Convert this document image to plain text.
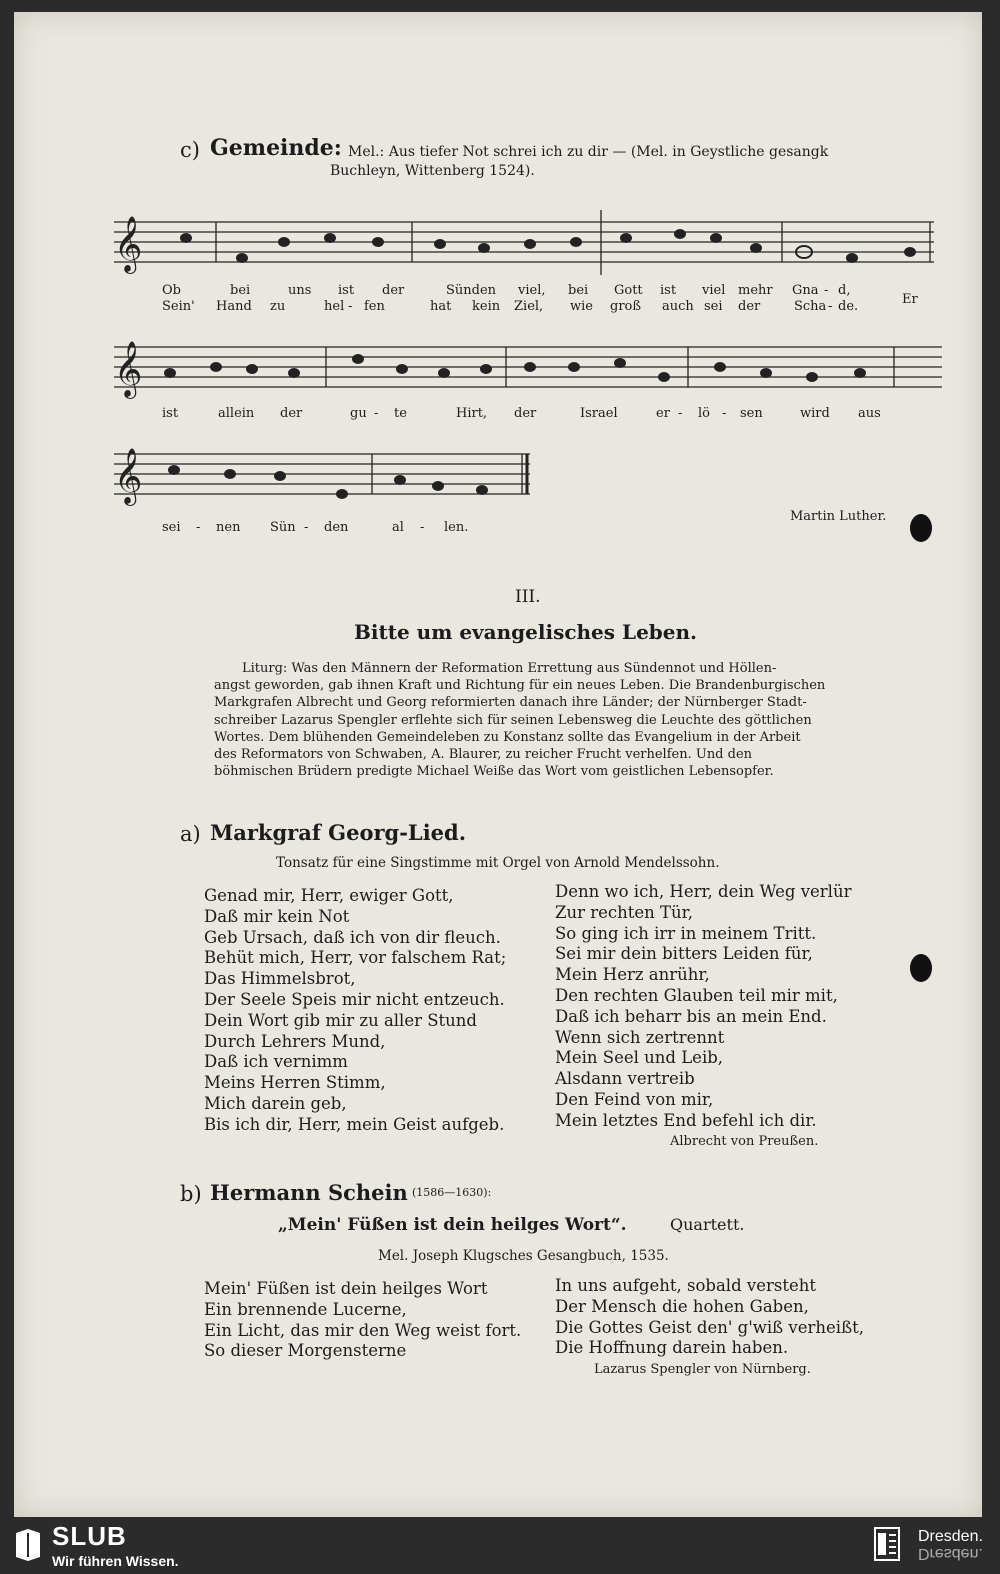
c) Gemeinde: Mel.: Aus tiefer Not schrei ich zu dir — (Mel. in Geystliche gesangk
Buchleyn, Wittenberg 1524).
𝄞
Ob	bei	uns ist der	Sünden viel, bei Gott ist viel mehr Gna - d,
Sein' Hand zu	hel - fen	hat kein Ziel, wie groß auch sei der	Scha - de.	Er
𝄞
ist	allein der	gu - te	Hirt, der	Israel	er - lö - sen	wird aus
𝄞
sei - nen Sün - den	al - len.
Martin Luther.
III.
Bitte um evangelisches Leben.
Liturg: Was den Männern der Reformation Errettung aus Sündennot und Höllen-
angst geworden, gab ihnen Kraft und Richtung für ein neues Leben. Die Brandenburgischen
Markgrafen Albrecht und Georg reformierten danach ihre Länder; der Nürnberger Stadt-
schreiber Lazarus Spengler erflehte sich für seinen Lebensweg die Leuchte des göttlichen
Wortes. Dem blühenden Gemeindeleben zu Konstanz sollte das Evangelium in der Arbeit
des Reformators von Schwaben, A. Blaurer, zu reicher Frucht verhelfen. Und den
böhmischen Brüdern predigte Michael Weiße das Wort vom geistlichen Lebensopfer.
a) Markgraf Georg-Lied.
Tonsatz für eine Singstimme mit Orgel von Arnold Mendelssohn.
Genad mir, Herr, ewiger Gott,
Daß mir kein Not
Geb Ursach, daß ich von dir fleuch.
Behüt mich, Herr, vor falschem Rat;
Das Himmelsbrot,
Der Seele Speis mir nicht entzeuch.
Dein Wort gib mir zu aller Stund
Durch Lehrers Mund,
Daß ich vernimm
Meins Herren Stimm,
Mich darein geb,
Bis ich dir, Herr, mein Geist aufgeb.
Denn wo ich, Herr, dein Weg verlür
Zur rechten Tür,
So ging ich irr in meinem Tritt.
Sei mir dein bitters Leiden für,
Mein Herz anrühr,
Den rechten Glauben teil mir mit,
Daß ich beharr bis an mein End.
Wenn sich zertrennt
Mein Seel und Leib,
Alsdann vertreib
Den Feind von mir,
Mein letztes End befehl ich dir.
Albrecht von Preußen.
b) Hermann Schein (1586—1630):
„Mein' Füßen ist dein heilges Wort“.	Quartett.
Mel. Joseph Klugsches Gesangbuch, 1535.
Mein' Füßen ist dein heilges Wort
Ein brennende Lucerne,
Ein Licht, das mir den Weg weist fort.
So dieser Morgensterne
In uns aufgeht, sobald versteht
Der Mensch die hohen Gaben,
Die Gottes Geist den' g'wiß verheißt,
Die Hoffnung darein haben.
Lazarus Spengler von Nürnberg.
SLUB
Wir führen Wissen.
Dresden.
Dresden.
